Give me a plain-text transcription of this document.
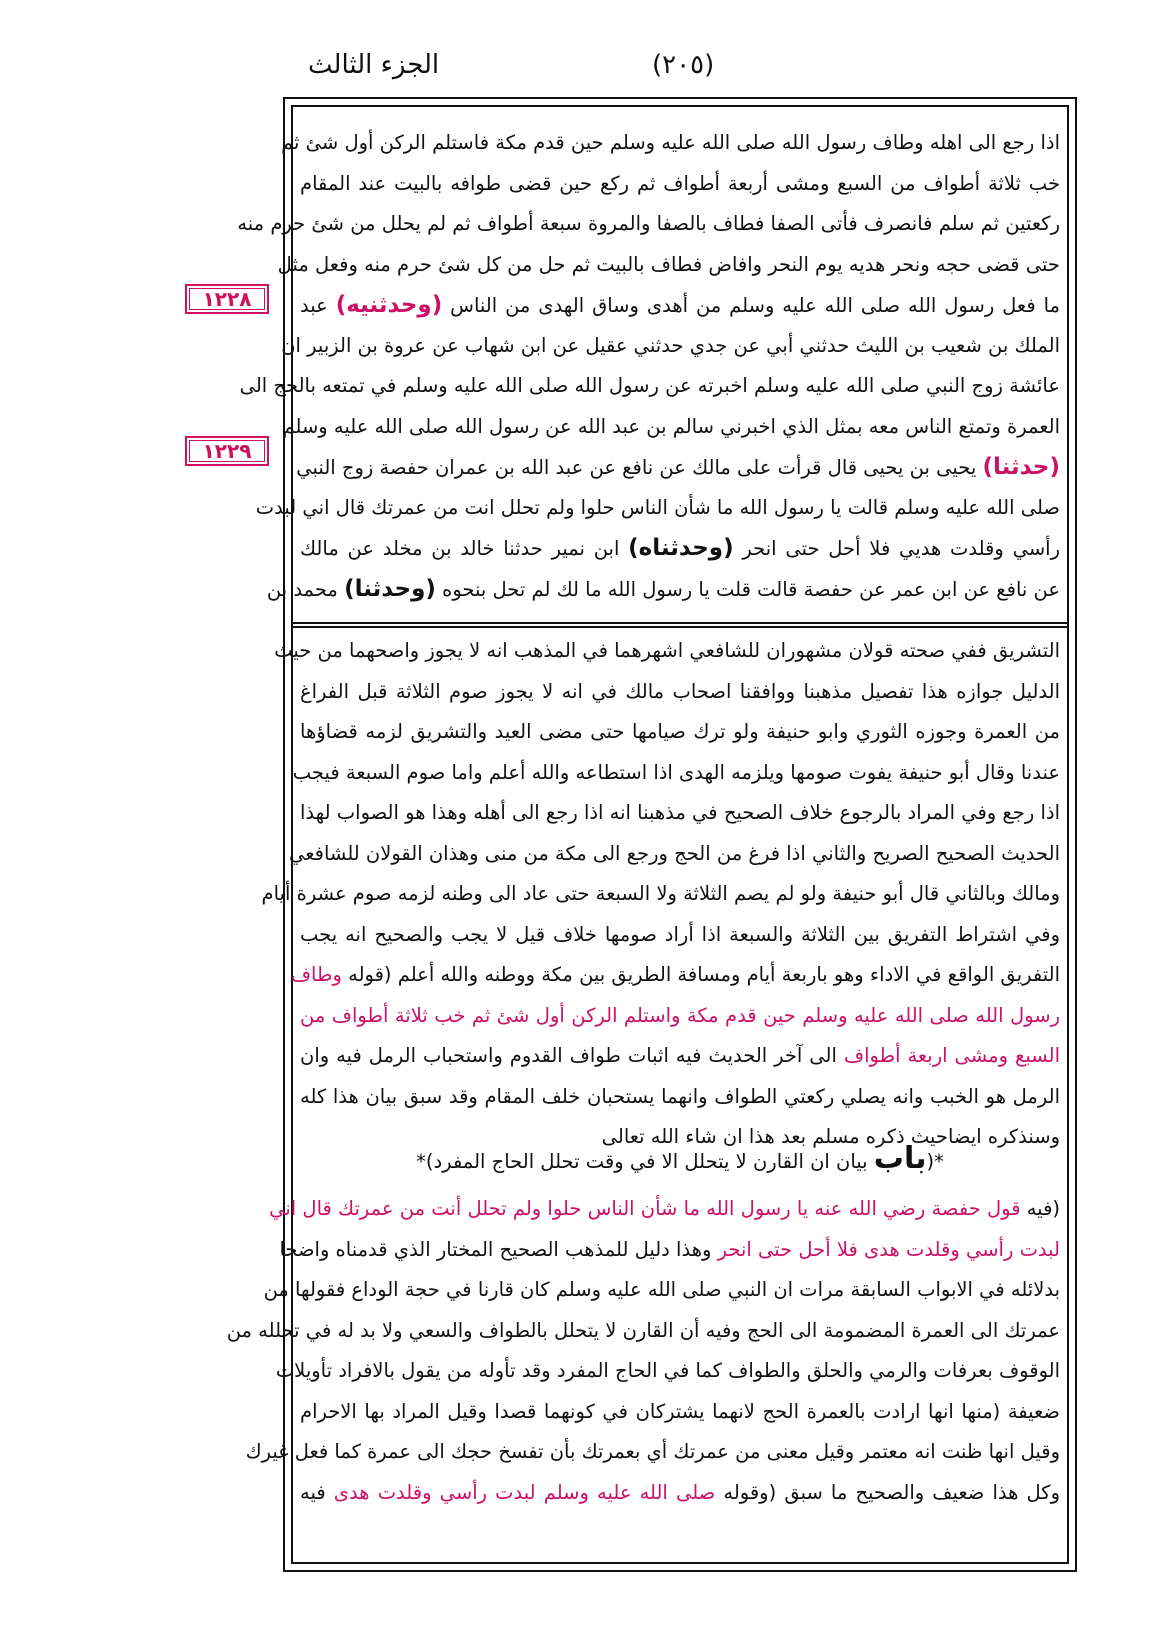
الجزء الثالث	(٢٠٥)
١٢٢٨
١٢٢٩
اذا رجع الى اهله وطاف رسول الله صلى الله عليه وسلم حين قدم مكة فاستلم الركن أول شئ ثم
خب ثلاثة أطواف من السبع ومشى أربعة أطواف ثم ركع حين قضى طوافه بالبيت عند المقام
ركعتين ثم سلم فانصرف فأتى الصفا فطاف بالصفا والمروة سبعة أطواف ثم لم يحلل من شئ حرم منه
حتى قضى حجه ونحر هديه يوم النحر وافاض فطاف بالبيت ثم حل من كل شئ حرم منه وفعل مثل
ما فعل رسول الله صلى الله عليه وسلم من أهدى وساق الهدى من الناس (وحدثنيه) عبد
الملك بن شعيب بن الليث حدثني أبي عن جدي حدثني عقيل عن ابن شهاب عن عروة بن الزبير ان
عائشة زوج النبي صلى الله عليه وسلم اخبرته عن رسول الله صلى الله عليه وسلم في تمتعه بالحج الى
العمرة وتمتع الناس معه بمثل الذي اخبرني سالم بن عبد الله عن رسول الله صلى الله عليه وسلم
(حدثنا) يحيى بن يحيى قال قرأت على مالك عن نافع عن عبد الله بن عمران حفصة زوج النبي
صلى الله عليه وسلم قالت يا رسول الله ما شأن الناس حلوا ولم تحلل انت من عمرتك قال اني لبدت
رأسي وقلدت هديي فلا أحل حتى انحر (وحدثناه) ابن نمير حدثنا خالد بن مخلد عن مالك
عن نافع عن ابن عمر عن حفصة قالت قلت يا رسول الله ما لك لم تحل بنحوه (وحدثنا) محمد بن
التشريق ففي صحته قولان مشهوران للشافعي اشهرهما في المذهب انه لا يجوز واصحهما من حيث
الدليل جوازه هذا تفصيل مذهبنا ووافقنا اصحاب مالك في انه لا يجوز صوم الثلاثة قبل الفراغ
من العمرة وجوزه الثوري وابو حنيفة ولو ترك صيامها حتى مضى العيد والتشريق لزمه قضاؤها
عندنا وقال أبو حنيفة يفوت صومها ويلزمه الهدى اذا استطاعه والله أعلم واما صوم السبعة فيجب
اذا رجع وفي المراد بالرجوع خلاف الصحيح في مذهبنا انه اذا رجع الى أهله وهذا هو الصواب لهذا
الحديث الصحيح الصريح والثاني اذا فرغ من الحج ورجع الى مكة من منى وهذان القولان للشافعي
ومالك وبالثاني قال أبو حنيفة ولو لم يصم الثلاثة ولا السبعة حتى عاد الى وطنه لزمه صوم عشرة أيام
وفي اشتراط التفريق بين الثلاثة والسبعة اذا أراد صومها خلاف قيل لا يجب والصحيح انه يجب
التفريق الواقع في الاداء وهو باربعة أيام ومسافة الطريق بين مكة ووطنه والله أعلم (قوله وطاف
رسول الله صلى الله عليه وسلم حين قدم مكة واستلم الركن أول شئ ثم خب ثلاثة أطواف من
السبع ومشى اربعة أطواف الى آخر الحديث فيه اثبات طواف القدوم واستحباب الرمل فيه وان
الرمل هو الخبب وانه يصلي ركعتي الطواف وانهما يستحبان خلف المقام وقد سبق بيان هذا كله
وسنذكره ايضاحيث ذكره مسلم بعد هذا ان شاء الله تعالى
*(باب بيان ان القارن لا يتحلل الا في وقت تحلل الحاج المفرد)*
(فيه قول حفصة رضي الله عنه يا رسول الله ما شأن الناس حلوا ولم تحلل أنت من عمرتك قال اني
لبدت رأسي وقلدت هدى فلا أحل حتى انحر وهذا دليل للمذهب الصحيح المختار الذي قدمناه واضحا
بدلائله في الابواب السابقة مرات ان النبي صلى الله عليه وسلم كان قارنا في حجة الوداع فقولها من
عمرتك الى العمرة المضمومة الى الحج وفيه أن القارن لا يتحلل بالطواف والسعي ولا بد له في تحلله من
الوقوف بعرفات والرمي والحلق والطواف كما في الحاج المفرد وقد تأوله من يقول بالافراد تأويلات
ضعيفة (منها انها ارادت بالعمرة الحج لانهما يشتركان في كونهما قصدا وقيل المراد بها الاحرام
وقيل انها ظنت انه معتمر وقيل معنى من عمرتك أي بعمرتك بأن تفسخ حجك الى عمرة كما فعل غيرك
وكل هذا ضعيف والصحيح ما سبق (وقوله صلى الله عليه وسلم لبدت رأسي وقلدت هدى فيه
